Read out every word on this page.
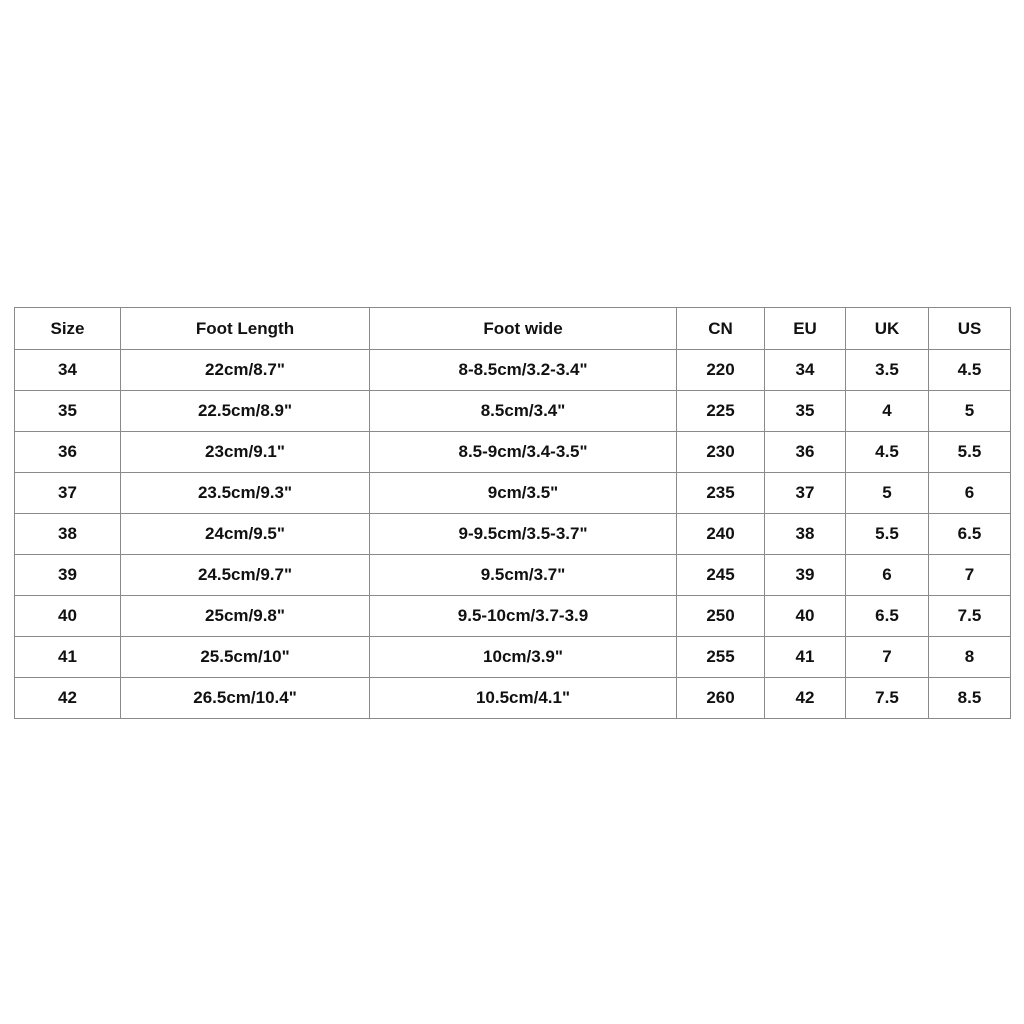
Size	Foot Length	Foot wide	CN	EU	UK	US
34	22cm/8.7"	8-8.5cm/3.2-3.4"	220	34	3.5	4.5
35	22.5cm/8.9"	8.5cm/3.4"	225	35	4	5
36	23cm/9.1"	8.5-9cm/3.4-3.5"	230	36	4.5	5.5
37	23.5cm/9.3"	9cm/3.5"	235	37	5	6
38	24cm/9.5"	9-9.5cm/3.5-3.7"	240	38	5.5	6.5
39	24.5cm/9.7"	9.5cm/3.7"	245	39	6	7
40	25cm/9.8"	9.5-10cm/3.7-3.9	250	40	6.5	7.5
41	25.5cm/10"	10cm/3.9"	255	41	7	8
42	26.5cm/10.4"	10.5cm/4.1"	260	42	7.5	8.5
